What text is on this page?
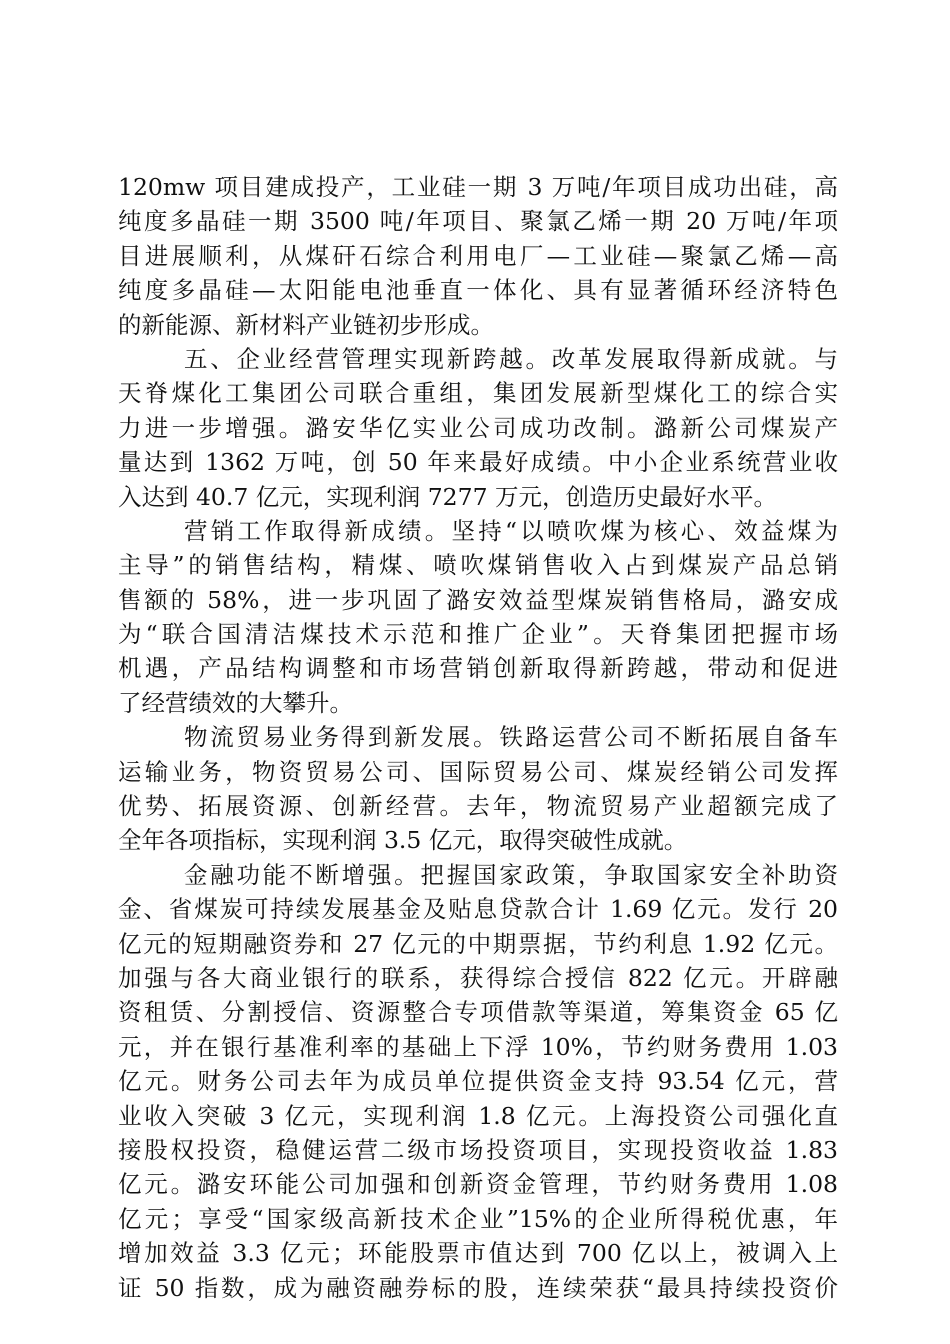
120mw 项目建成投产，工业硅一期 3 万吨/年项目成功出硅，高
纯度多晶硅一期 3500 吨/年项目、聚氯乙烯一期 20 万吨/年项
目进展顺利，从煤矸石综合利用电厂—工业硅—聚氯乙烯—高
纯度多晶硅—太阳能电池垂直一体化、具有显著循环经济特色
的新能源、新材料产业链初步形成。
五、企业经营管理实现新跨越。改革发展取得新成就。与
天脊煤化工集团公司联合重组，集团发展新型煤化工的综合实
力进一步增强。潞安华亿实业公司成功改制。潞新公司煤炭产
量达到 1362 万吨，创 50 年来最好成绩。中小企业系统营业收
入达到 40.7 亿元，实现利润 7277 万元，创造历史最好水平。
营销工作取得新成绩。坚持“以喷吹煤为核心、效益煤为
主导”的销售结构，精煤、喷吹煤销售收入占到煤炭产品总销
售额的 58%，进一步巩固了潞安效益型煤炭销售格局，潞安成
为“联合国清洁煤技术示范和推广企业”。天脊集团把握市场
机遇，产品结构调整和市场营销创新取得新跨越，带动和促进
了经营绩效的大攀升。
物流贸易业务得到新发展。铁路运营公司不断拓展自备车
运输业务，物资贸易公司、国际贸易公司、煤炭经销公司发挥
优势、拓展资源、创新经营。去年，物流贸易产业超额完成了
全年各项指标，实现利润 3.5 亿元，取得突破性成就。
金融功能不断增强。把握国家政策，争取国家安全补助资
金、省煤炭可持续发展基金及贴息贷款合计 1.69 亿元。发行 20
亿元的短期融资券和 27 亿元的中期票据，节约利息 1.92 亿元。
加强与各大商业银行的联系，获得综合授信 822 亿元。开辟融
资租赁、分割授信、资源整合专项借款等渠道，筹集资金 65 亿
元，并在银行基准利率的基础上下浮 10%，节约财务费用 1.03
亿元。财务公司去年为成员单位提供资金支持 93.54 亿元，营
业收入突破 3 亿元，实现利润 1.8 亿元。上海投资公司强化直
接股权投资，稳健运营二级市场投资项目，实现投资收益 1.83
亿元。潞安环能公司加强和创新资金管理，节约财务费用 1.08
亿元；享受“国家级高新技术企业”15%的企业所得税优惠，年
增加效益 3.3 亿元；环能股票市值达到 700 亿以上，被调入上
证 50 指数，成为融资融券标的股，连续荣获“最具持续投资价
